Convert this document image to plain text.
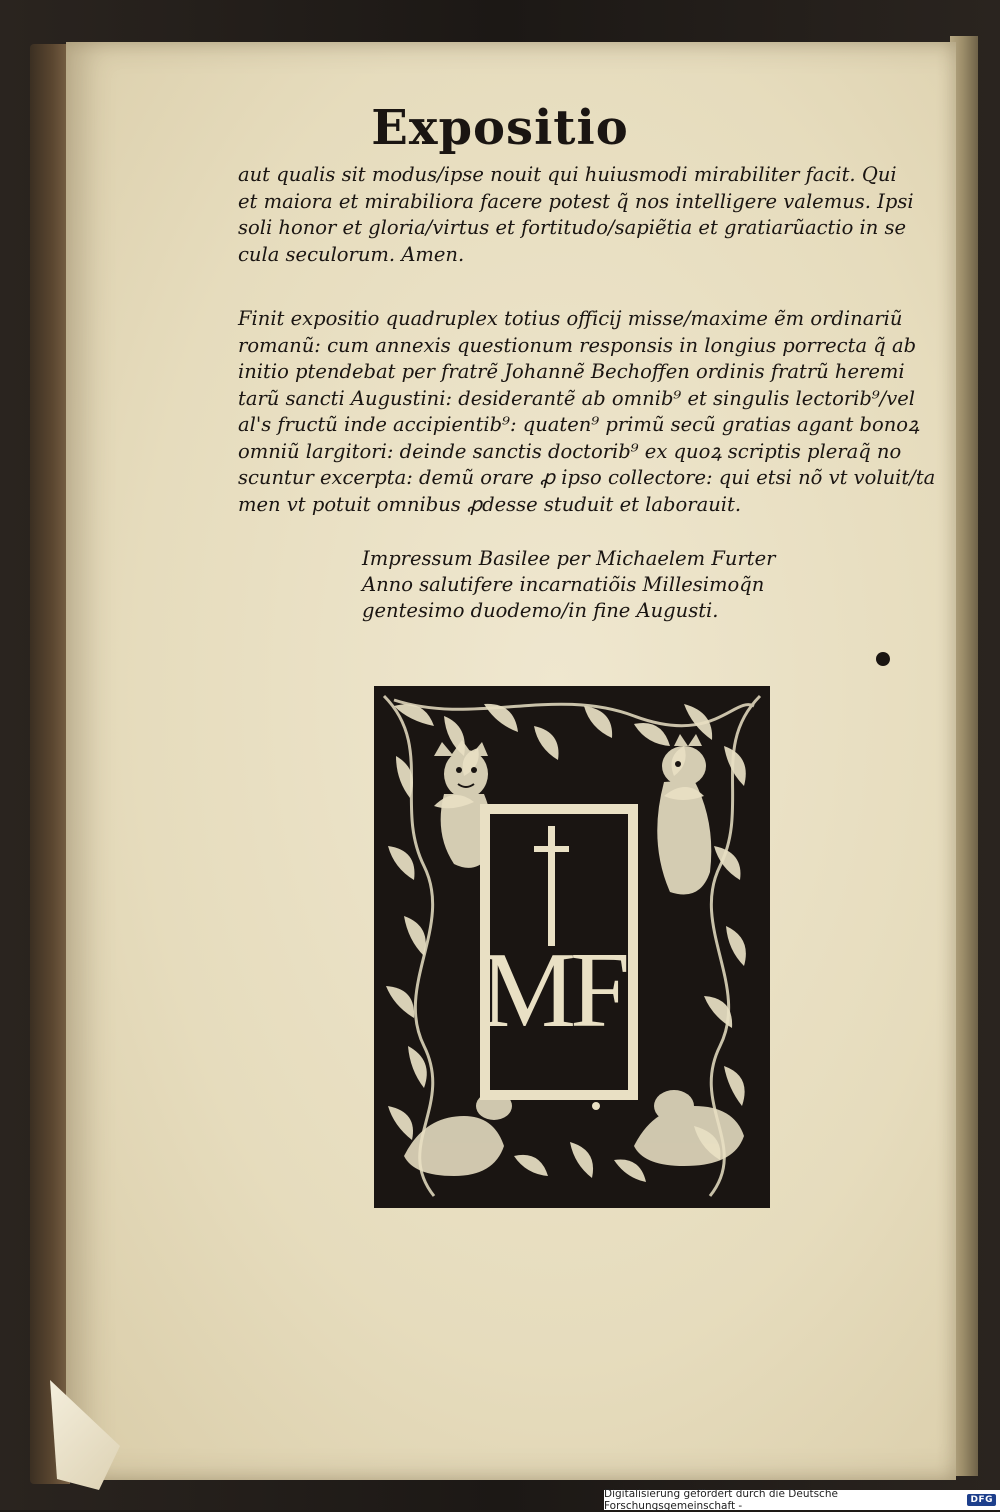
Expositio
aut qualis sit modus/ipse nouit qui huiusmodi mirabiliter facit. Qui
et maiora et mirabiliora facere potest q̃ nos intelligere valemus. Ipsi
soli honor et gloria/virtus et fortitudo/sapiẽtia et gratiarũactio in se
cula seculorum. Amen.
Finit expositio quadruplex totius officij misse/maxime ẽm ordinariũ
romanũ: cum annexis questionum responsis in longius porrecta q̃ ab
initio ptendebat per fratrẽ Johannẽ Bechoffen ordinis fratrũ heremi
tarũ sancti Augustini: desiderantẽ ab omnib⁹ et singulis lectorib⁹/vel
al's fructũ inde accipientib⁹: quaten⁹ primũ secũ gratias agant bonoꝝ
omniũ largitori: deinde sanctis doctorib⁹ ex quoꝝ scriptis pleraq̃ no
scuntur excerpta: demũ orare ꝓ ipso collectore: qui etsi nõ vt voluit/ta
men vt potuit omnibus ꝓdesse studuit et laborauit.
Impressum Basilee per Michaelem Furter
Anno salutifere incarnatiõis Millesimoq̃n
gentesimo duodemo/in fine Augusti.
MF
Digitalisierung gefördert durch die Deutsche Forschungsgemeinschaft -	DFG
